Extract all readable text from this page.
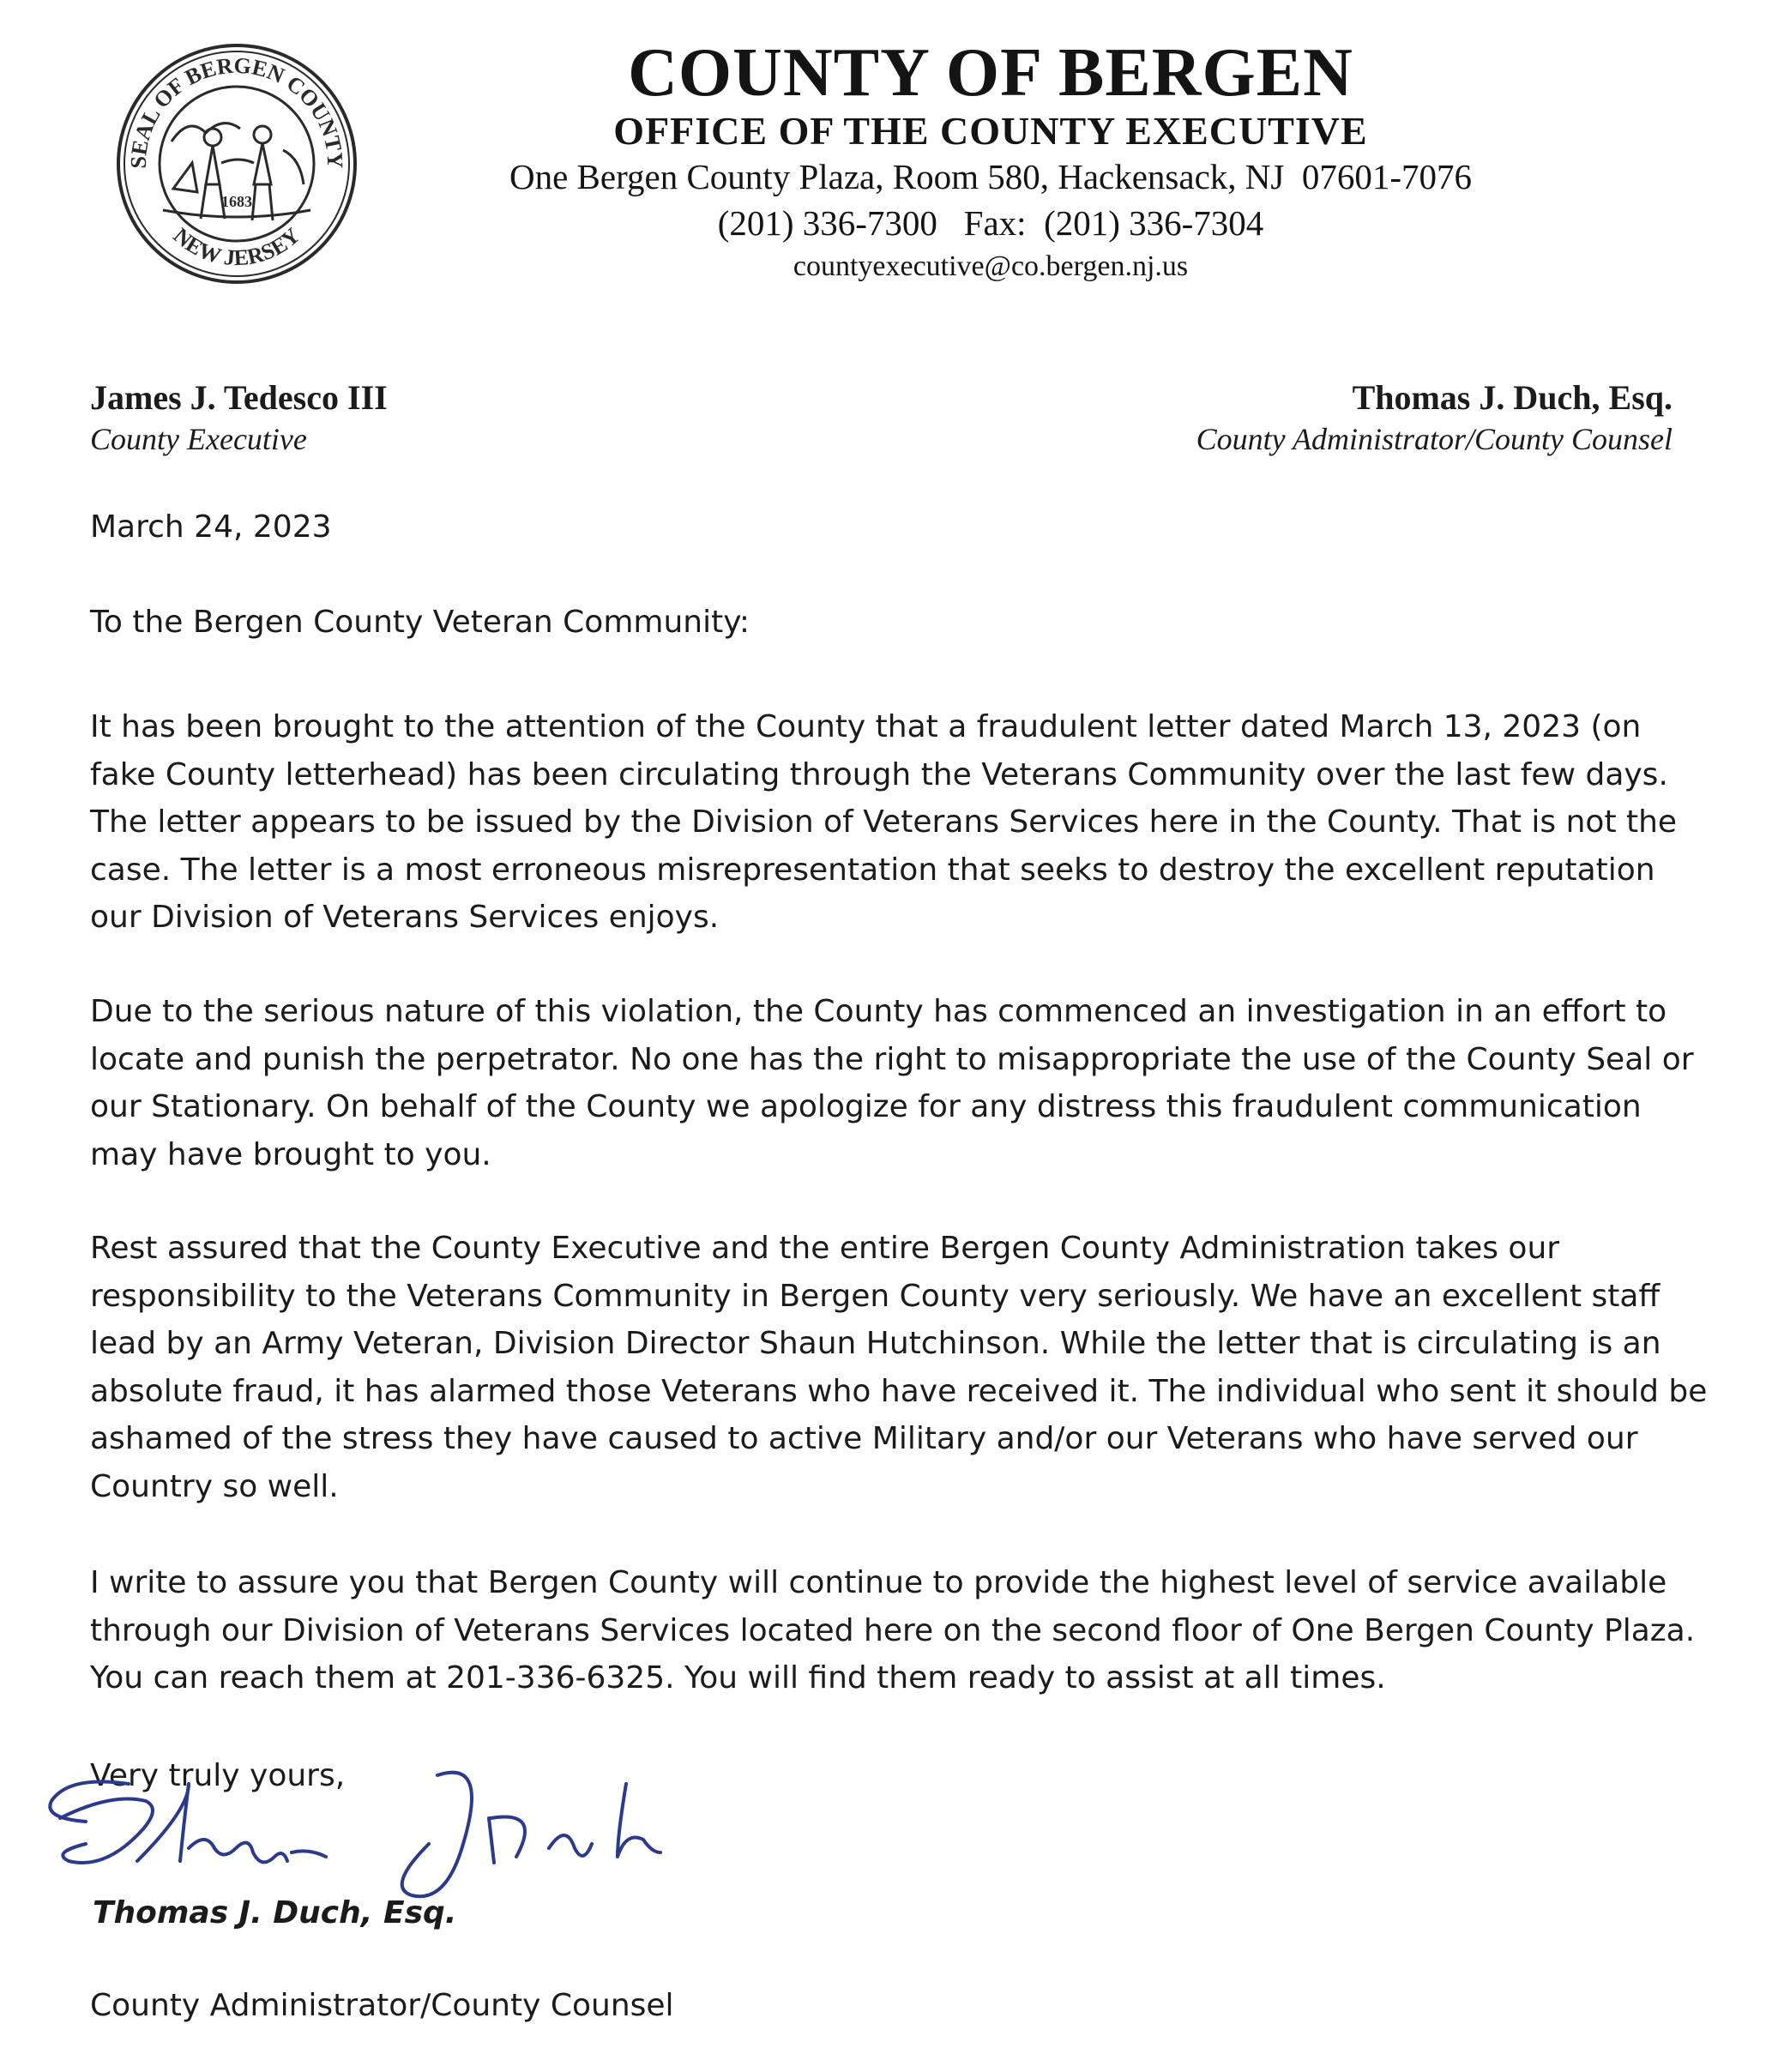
SEAL OF BERGEN COUNTY
NEW JERSEY
1683
COUNTY OF BERGEN
OFFICE OF THE COUNTY EXECUTIVE
One Bergen County Plaza, Room 580, Hackensack, NJ  07601-7076
(201) 336-7300   Fax:  (201) 336-7304
countyexecutive@co.bergen.nj.us
James J. Tedesco III
County Executive
Thomas J. Duch, Esq.
County Administrator/County Counsel
March 24, 2023
To the Bergen County Veteran Community:
It has been brought to the attention of the County that a fraudulent letter dated March 13, 2023 (on
fake County letterhead) has been circulating through the Veterans Community over the last few days.
The letter appears to be issued by the Division of Veterans Services here in the County. That is not the
case. The letter is a most erroneous misrepresentation that seeks to destroy the excellent reputation
our Division of Veterans Services enjoys.
Due to the serious nature of this violation, the County has commenced an investigation in an effort to
locate and punish the perpetrator. No one has the right to misappropriate the use of the County Seal or
our Stationary. On behalf of the County we apologize for any distress this fraudulent communication
may have brought to you.
Rest assured that the County Executive and the entire Bergen County Administration takes our
responsibility to the Veterans Community in Bergen County very seriously. We have an excellent staff
lead by an Army Veteran, Division Director Shaun Hutchinson. While the letter that is circulating is an
absolute fraud, it has alarmed those Veterans who have received it. The individual who sent it should be
ashamed of the stress they have caused to active Military and/or our Veterans who have served our
Country so well.
I write to assure you that Bergen County will continue to provide the highest level of service available
through our Division of Veterans Services located here on the second floor of One Bergen County Plaza.
You can reach them at 201-336-6325. You will find them ready to assist at all times.
Very truly yours,
Thomas J. Duch, Esq.
County Administrator/County Counsel
